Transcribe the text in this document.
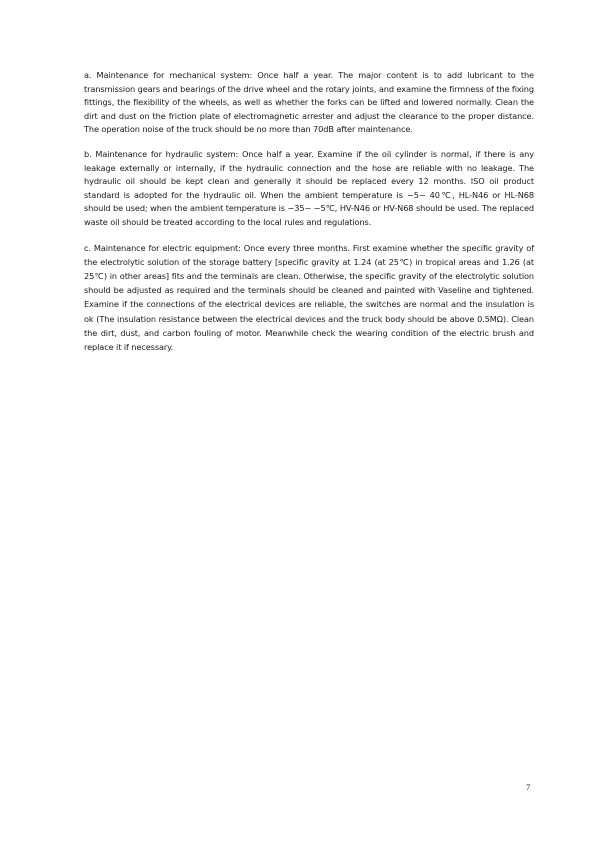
a. Maintenance for mechanical system: Once half a year. The major content is to add lubricant to the transmission gears and bearings of the drive wheel and the rotary joints, and examine the firmness of the fixing fittings, the flexibility of the wheels, as well as whether the forks can be lifted and lowered normally. Clean the dirt and dust on the friction plate of electromagnetic arrester and adjust the clearance to the proper distance. The operation noise of the truck should be no more than 70dB after maintenance.

b. Maintenance for hydraulic system: Once half a year. Examine if the oil cylinder is normal, if there is any leakage externally or internally, if the hydraulic connection and the hose are reliable with no leakage. The hydraulic oil should be kept clean and generally it should be replaced every 12 months. ISO oil product standard is adopted for the hydraulic oil. When the ambient temperature is −5~ 40℃, HL-N46 or HL-N68 should be used; when the ambient temperature is −35~ −5℃, HV-N46 or HV-N68 should be used. The replaced waste oil should be treated according to the local rules and regulations.

c. Maintenance for electric equipment: Once every three months. First examine whether the specific gravity of the electrolytic solution of the storage battery [specific gravity at 1.24 (at 25℃) in tropical areas and 1.26 (at 25℃) in other areas] fits and the terminals are clean. Otherwise, the specific gravity of the electrolytic solution should be adjusted as required and the terminals should be cleaned and painted with Vaseline and tightened. Examine if the connections of the electrical devices are reliable, the switches are normal and the insulation is ok (The insulation resistance between the electrical devices and the truck body should be above 0.5MΩ). Clean the dirt, dust, and carbon fouling of motor. Meanwhile check the wearing condition of the electric brush and replace it if necessary.

7
